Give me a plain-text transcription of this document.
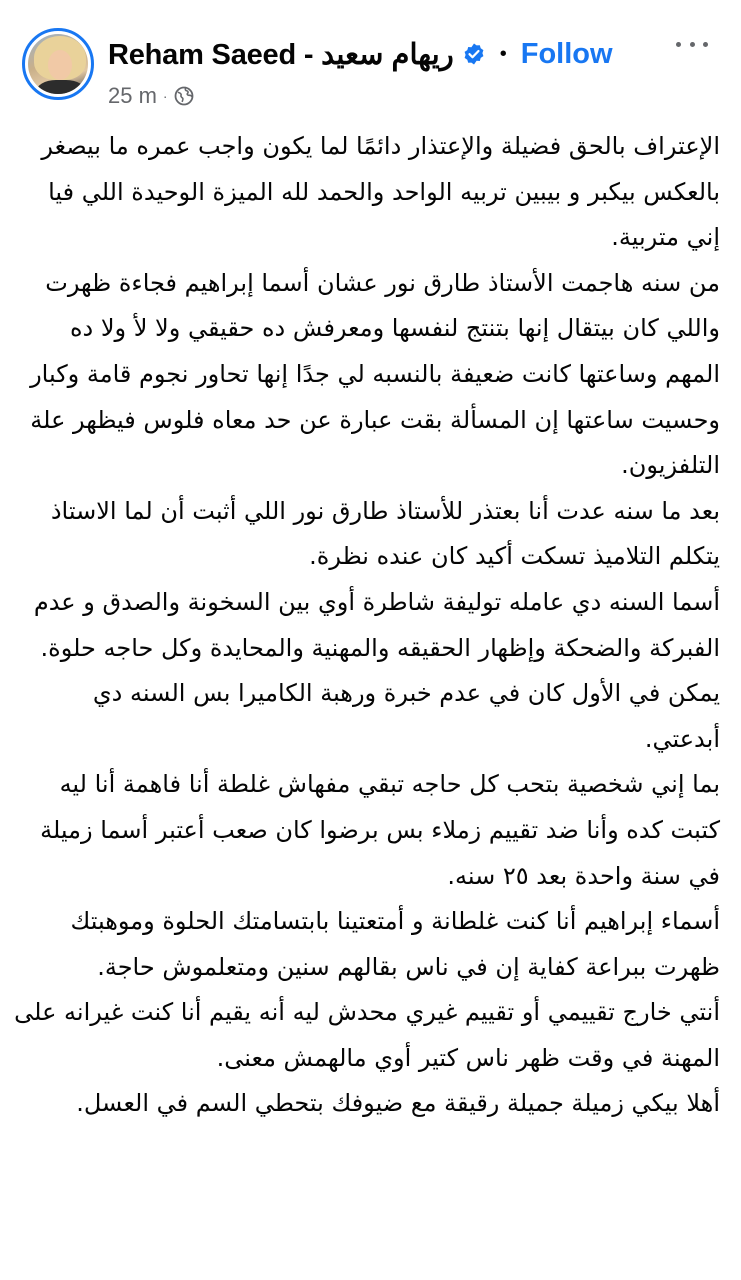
Reham Saeed - ريهام سعيد • Follow
25 m ·

الإعتراف بالحق فضيلة والإعتذار دائمًا لما يكون واجب عمره ما بيصغر بالعكس بيكبر و بيبين تربيه الواحد والحمد لله الميزة الوحيدة اللي فيا إني متربية.

من سنه هاجمت الأستاذ طارق نور عشان أسما إبراهيم فجاءة ظهرت واللي كان بيتقال إنها بتنتج لنفسها ومعرفش ده حقيقي ولا لأ ولا ده المهم وساعتها كانت ضعيفة بالنسبه لي جدًا إنها تحاور نجوم قامة وكبار وحسيت ساعتها إن المسألة بقت عبارة عن حد معاه فلوس فيظهر علة التلفزيون.

بعد ما سنه عدت أنا بعتذر للأستاذ طارق نور اللي أثبت أن لما الاستاذ يتكلم التلاميذ تسكت أكيد كان عنده نظرة.

أسما السنه دي عامله توليفة شاطرة أوي بين السخونة والصدق و عدم الفبركة والضحكة وإظهار الحقيقه والمهنية والمحايدة وكل حاجه حلوة.

يمكن في الأول كان في عدم خبرة ورهبة الكاميرا بس السنه دي أبدعتي.

بما إني شخصية بتحب كل حاجه تبقي مفهاش غلطة أنا فاهمة أنا ليه كتبت كده وأنا ضد تقييم زملاء بس برضوا كان صعب أعتبر أسما زميلة في سنة واحدة بعد ٢٥ سنه.

أسماء إبراهيم أنا كنت غلطانة و أمتعتينا بابتسامتك الحلوة وموهبتك ظهرت ببراعة كفاية إن في ناس بقالهم سنين ومتعلموش حاجة.

أنتي خارج تقييمي أو تقييم غيري محدش ليه أنه يقيم أنا كنت غيرانه على المهنة في وقت ظهر ناس كتير أوي مالهمش معنى.

أهلا بيكي زميلة جميلة رقيقة مع ضيوفك بتحطي السم في العسل.
